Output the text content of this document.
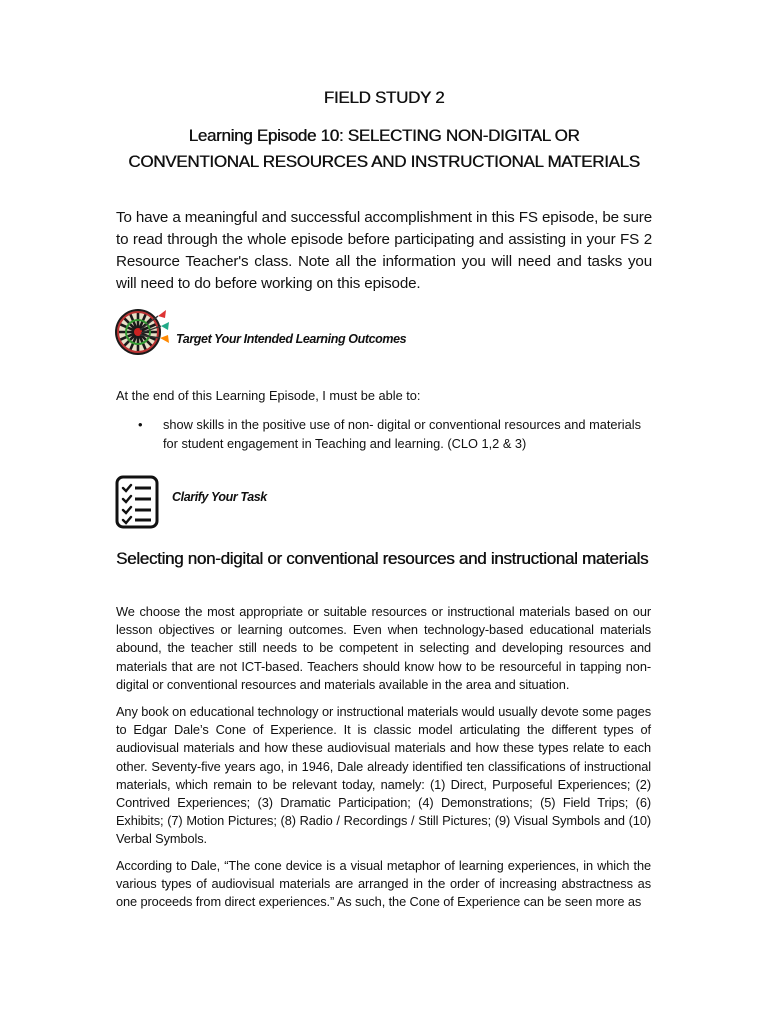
FIELD STUDY 2
Learning Episode 10: SELECTING NON-DIGITAL OR
CONVENTIONAL RESOURCES AND INSTRUCTIONAL MATERIALS

To have a meaningful and successful accomplishment in this FS episode, be sure to read through the whole episode before participating and assisting in your FS 2 Resource Teacher's class. Note all the information you will need and tasks you will need to do before working on this episode.

Target Your Intended Learning Outcomes

At the end of this Learning Episode, I must be able to:

• show skills in the positive use of non- digital or conventional resources and materials for student engagement in Teaching and learning. (CLO 1,2 & 3)
Clarify Your Task
Selecting non-digital or conventional resources and instructional materials

We choose the most appropriate or suitable resources or instructional materials based on our lesson objectives or learning outcomes. Even when technology-based educational materials abound, the teacher still needs to be competent in selecting and developing resources and materials that are not ICT-based. Teachers should know how to be resourceful in tapping non-digital or conventional resources and materials available in the area and situation.

Any book on educational technology or instructional materials would usually devote some pages to Edgar Dale’s Cone of Experience. It is classic model articulating the different types of audiovisual materials and how these audiovisual materials and how these types relate to each other. Seventy-five years ago, in 1946, Dale already identified ten classifications of instructional materials, which remain to be relevant today, namely: (1) Direct, Purposeful Experiences; (2) Contrived Experiences; (3) Dramatic Participation; (4) Demonstrations; (5) Field Trips; (6) Exhibits; (7) Motion Pictures; (8) Radio / Recordings / Still Pictures; (9) Visual Symbols and (10) Verbal Symbols.

According to Dale, “The cone device is a visual metaphor of learning experiences, in which the various types of audiovisual materials are arranged in the order of increasing abstractness as one proceeds from direct experiences.” As such, the Cone of Experience can be seen more as
